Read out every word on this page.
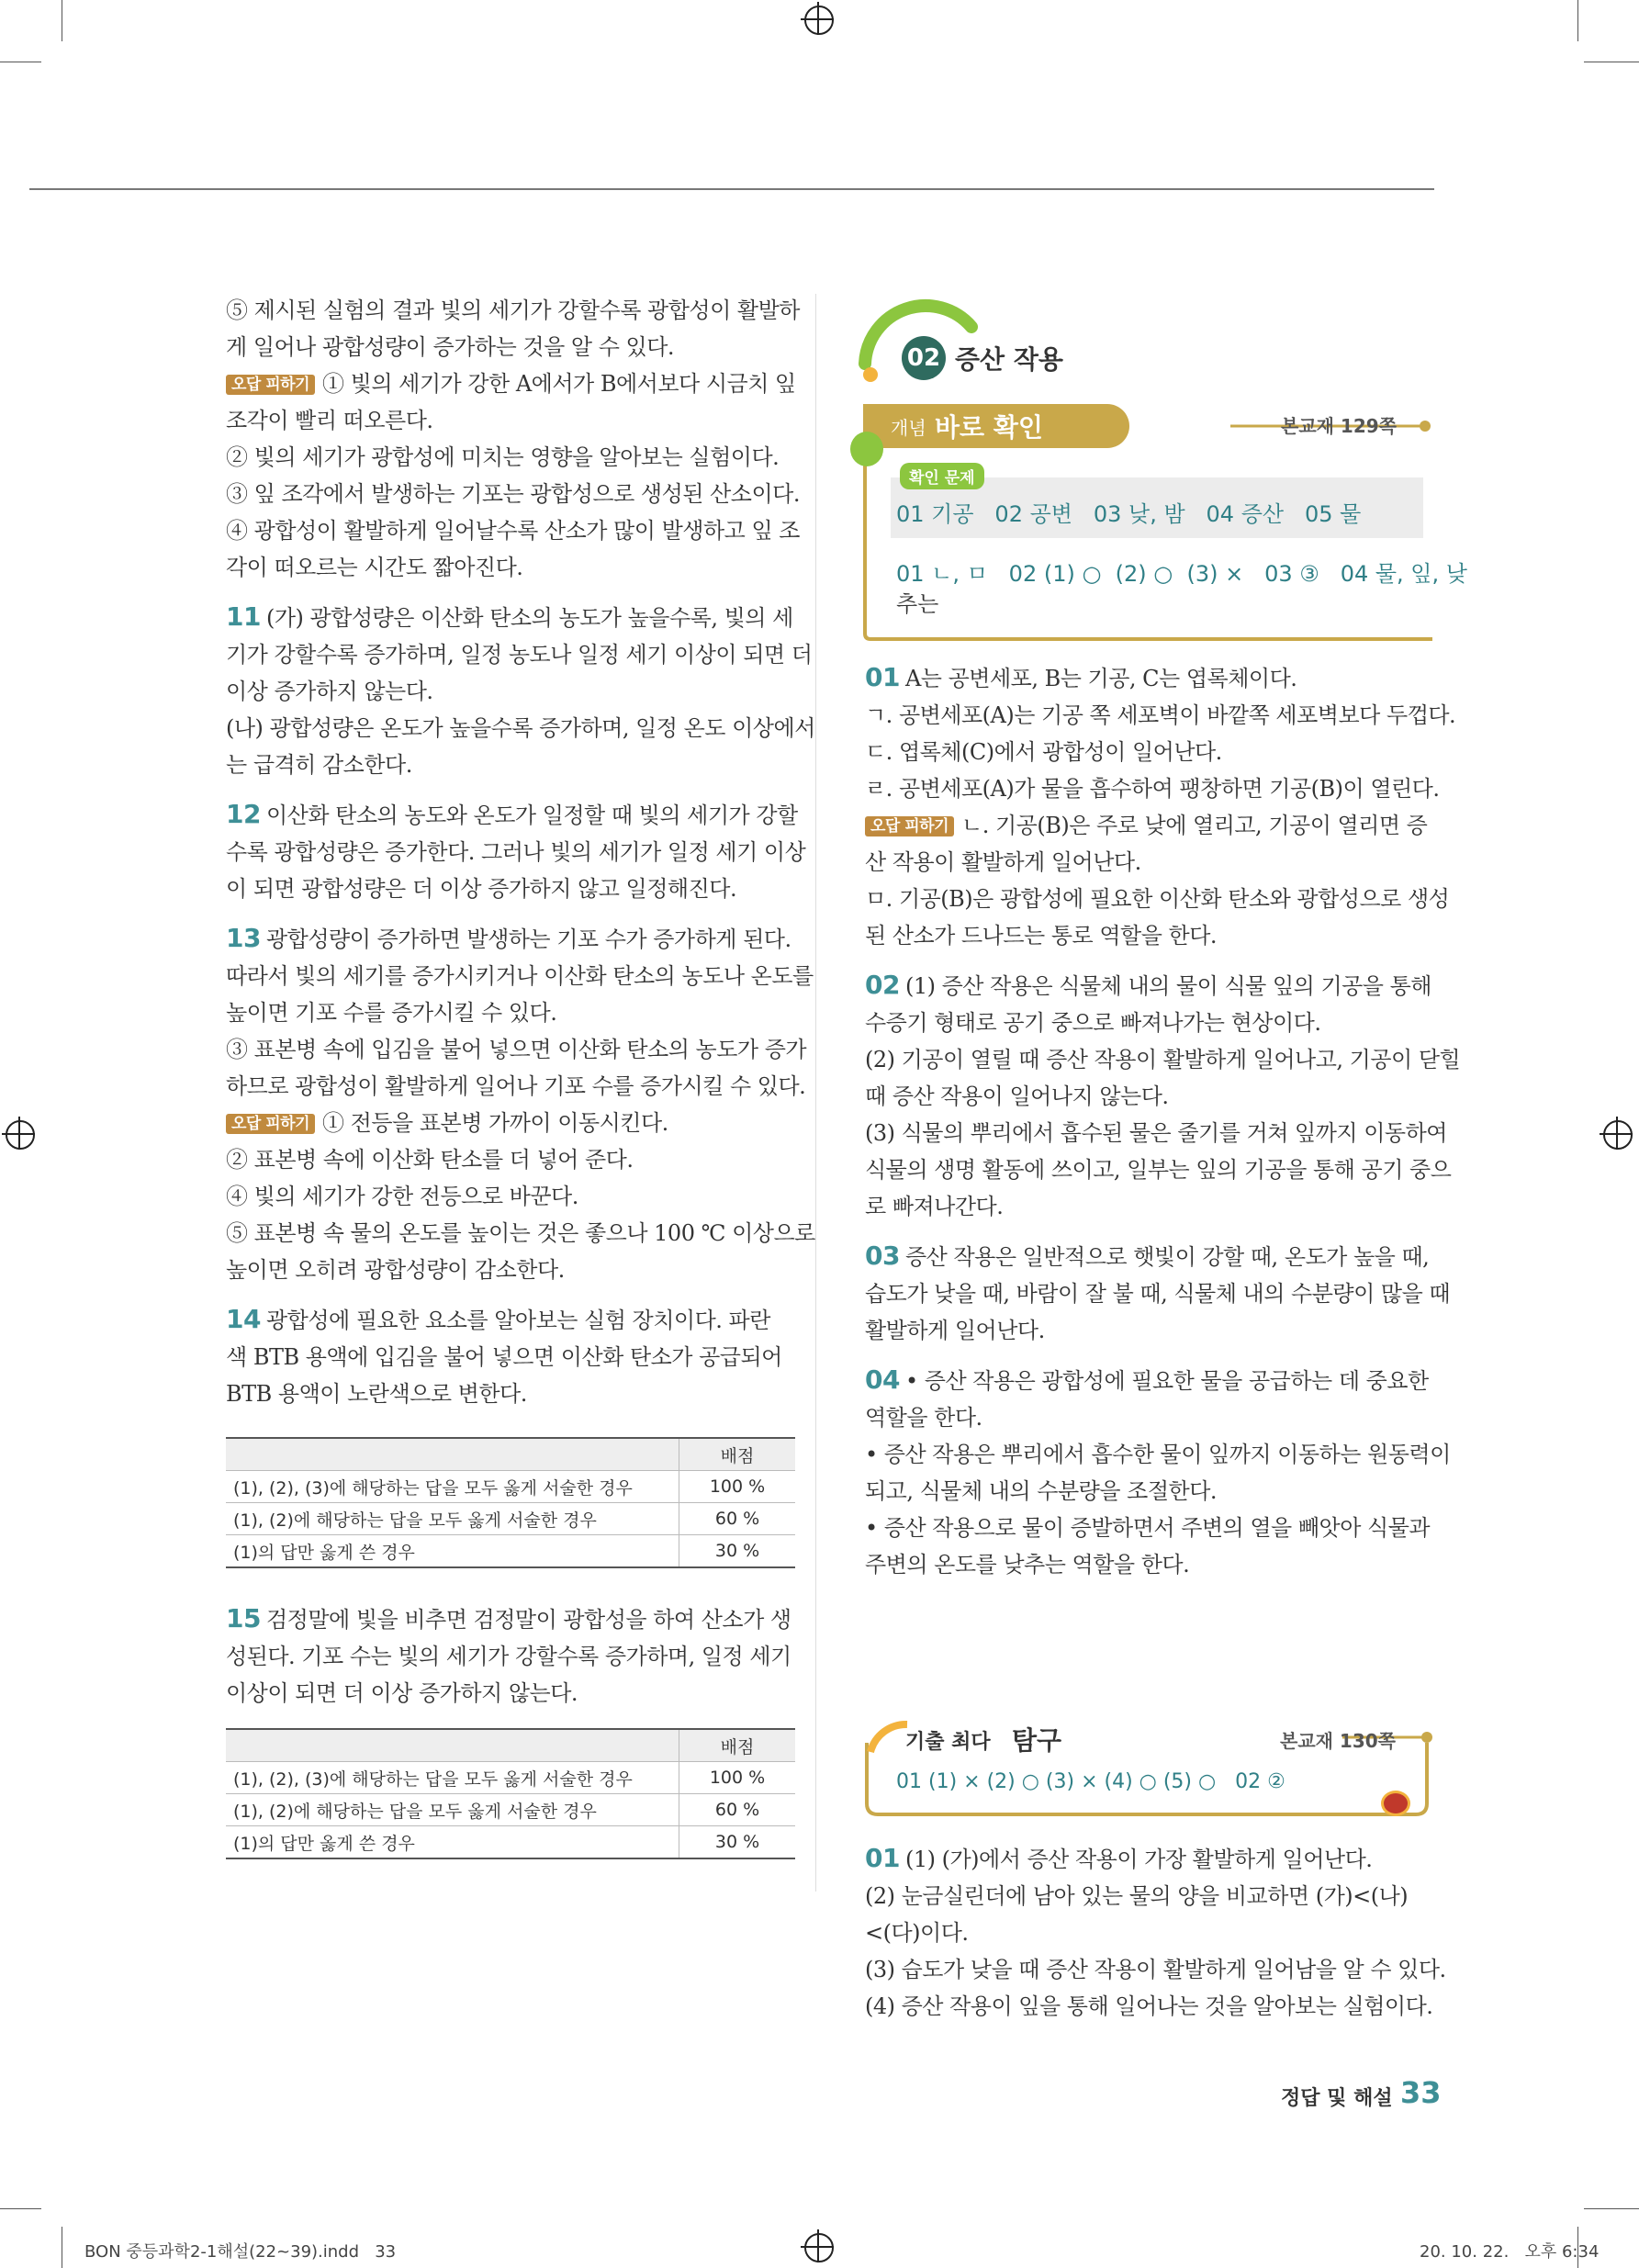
⑤ 제시된 실험의 결과 빛의 세기가 강할수록 광합성이 활발하
게 일어나 광합성량이 증가하는 것을 알 수 있다.
오답 피하기 ① 빛의 세기가 강한 A에서가 B에서보다 시금치 잎
조각이 빨리 떠오른다.
② 빛의 세기가 광합성에 미치는 영향을 알아보는 실험이다.
③ 잎 조각에서 발생하는 기포는 광합성으로 생성된 산소이다.
④ 광합성이 활발하게 일어날수록 산소가 많이 발생하고 잎 조
각이 떠오르는 시간도 짧아진다.
11 (가) 광합성량은 이산화 탄소의 농도가 높을수록, 빛의 세
기가 강할수록 증가하며, 일정 농도나 일정 세기 이상이 되면 더
이상 증가하지 않는다.
(나) 광합성량은 온도가 높을수록 증가하며, 일정 온도 이상에서
는 급격히 감소한다.
12 이산화 탄소의 농도와 온도가 일정할 때 빛의 세기가 강할
수록 광합성량은 증가한다. 그러나 빛의 세기가 일정 세기 이상
이 되면 광합성량은 더 이상 증가하지 않고 일정해진다.
13 광합성량이 증가하면 발생하는 기포 수가 증가하게 된다.
따라서 빛의 세기를 증가시키거나 이산화 탄소의 농도나 온도를
높이면 기포 수를 증가시킬 수 있다.
③ 표본병 속에 입김을 불어 넣으면 이산화 탄소의 농도가 증가
하므로 광합성이 활발하게 일어나 기포 수를 증가시킬 수 있다.
오답 피하기 ① 전등을 표본병 가까이 이동시킨다.
② 표본병 속에 이산화 탄소를 더 넣어 준다.
④ 빛의 세기가 강한 전등으로 바꾼다.
⑤ 표본병 속 물의 온도를 높이는 것은 좋으나 100 ℃ 이상으로
높이면 오히려 광합성량이 감소한다.
14 광합성에 필요한 요소를 알아보는 실험 장치이다. 파란
색 BTB 용액에 입김을 불어 넣으면 이산화 탄소가 공급되어
BTB 용액이 노란색으로 변한다.
	배점
(1), (2), (3)에 해당하는 답을 모두 옳게 서술한 경우	100 %
(1), (2)에 해당하는 답을 모두 옳게 서술한 경우	60 %
(1)의 답만 옳게 쓴 경우	30 %
15 검정말에 빛을 비추면 검정말이 광합성을 하여 산소가 생
성된다. 기포 수는 빛의 세기가 강할수록 증가하며, 일정 세기
이상이 되면 더 이상 증가하지 않는다.
	배점
(1), (2), (3)에 해당하는 답을 모두 옳게 서술한 경우	100 %
(1), (2)에 해당하는 답을 모두 옳게 서술한 경우	60 %
(1)의 답만 옳게 쓴 경우	30 %
02 증산 작용
개념 바로 확인	본교재 129쪽
확인 문제
01 기공   02 공변   03 낮, 밤   04 증산   05 물
01 ㄴ, ㅁ   02 (1) ○  (2) ○  (3) ×   03 ③   04 물, 잎, 낮
추는
01 A는 공변세포, B는 기공, C는 엽록체이다.
ㄱ. 공변세포(A)는 기공 쪽 세포벽이 바깥쪽 세포벽보다 두껍다.
ㄷ. 엽록체(C)에서 광합성이 일어난다.
ㄹ. 공변세포(A)가 물을 흡수하여 팽창하면 기공(B)이 열린다.
오답 피하기 ㄴ. 기공(B)은 주로 낮에 열리고, 기공이 열리면 증
산 작용이 활발하게 일어난다.
ㅁ. 기공(B)은 광합성에 필요한 이산화 탄소와 광합성으로 생성
된 산소가 드나드는 통로 역할을 한다.
02 (1) 증산 작용은 식물체 내의 물이 식물 잎의 기공을 통해
수증기 형태로 공기 중으로 빠져나가는 현상이다.
(2) 기공이 열릴 때 증산 작용이 활발하게 일어나고, 기공이 닫힐
때 증산 작용이 일어나지 않는다.
(3) 식물의 뿌리에서 흡수된 물은 줄기를 거쳐 잎까지 이동하여
식물의 생명 활동에 쓰이고, 일부는 잎의 기공을 통해 공기 중으
로 빠져나간다.
03 증산 작용은 일반적으로 햇빛이 강할 때, 온도가 높을 때,
습도가 낮을 때, 바람이 잘 불 때, 식물체 내의 수분량이 많을 때
활발하게 일어난다.
04 • 증산 작용은 광합성에 필요한 물을 공급하는 데 중요한
역할을 한다.
• 증산 작용은 뿌리에서 흡수한 물이 잎까지 이동하는 원동력이
되고, 식물체 내의 수분량을 조절한다.
• 증산 작용으로 물이 증발하면서 주변의 열을 빼앗아 식물과
주변의 온도를 낮추는 역할을 한다.
기출 최다 탐구	본교재 130쪽
01 (1) × (2) ○ (3) × (4) ○ (5) ○   02 ②
01 (1) (가)에서 증산 작용이 가장 활발하게 일어난다.
(2) 눈금실린더에 남아 있는 물의 양을 비교하면 (가)<(나)
<(다)이다.
(3) 습도가 낮을 때 증산 작용이 활발하게 일어남을 알 수 있다.
(4) 증산 작용이 잎을 통해 일어나는 것을 알아보는 실험이다.
정답 및 해설 33
BON 중등과학2-1해설(22~39).indd   33	20. 10. 22.   오후 6:34
